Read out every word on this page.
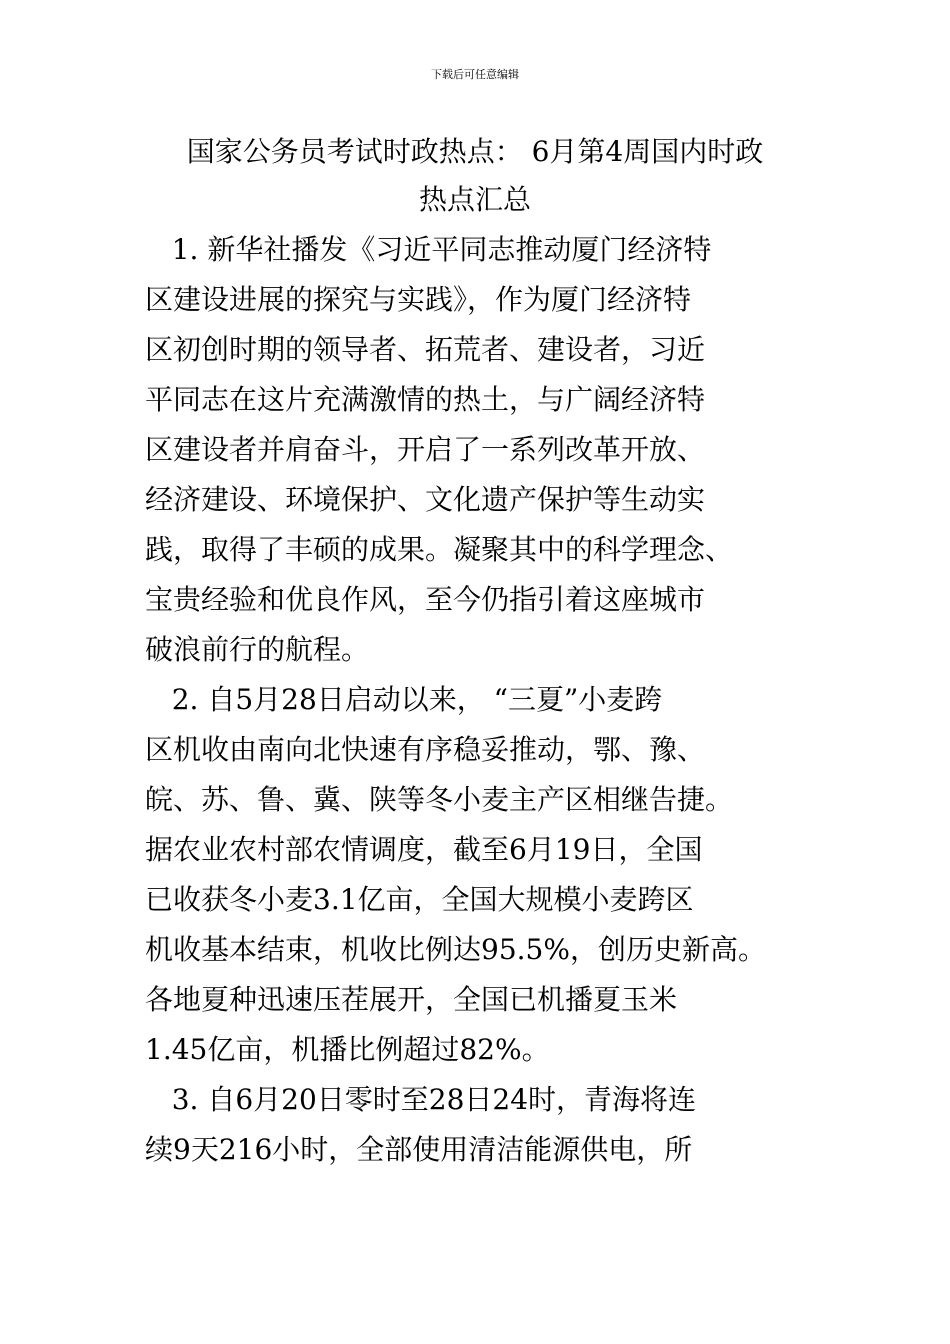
下载后可任意编辑
国家公务员考试时政热点： 6月第4周国内时政
热点汇总
1. 新华社播发《习近平同志推动厦门经济特
区建设进展的探究与实践》，作为厦门经济特
区初创时期的领导者、拓荒者、建设者，习近
平同志在这片充满激情的热土，与广阔经济特
区建设者并肩奋斗，开启了一系列改革开放、
经济建设、环境保护、文化遗产保护等生动实
践，取得了丰硕的成果。凝聚其中的科学理念、
宝贵经验和优良作风，至今仍指引着这座城市
破浪前行的航程。
2. 自5月28日启动以来， “三夏”小麦跨
区机收由南向北快速有序稳妥推动，鄂、豫、
皖、苏、鲁、冀、陕等冬小麦主产区相继告捷。
据农业农村部农情调度，截至6月19日，全国
已收获冬小麦3.1亿亩，全国大规模小麦跨区
机收基本结束，机收比例达95.5%，创历史新高。
各地夏种迅速压茬展开，全国已机播夏玉米
1.45亿亩，机播比例超过82%。
3. 自6月20日零时至28日24时，青海将连
续9天216小时，全部使用清洁能源供电，所
